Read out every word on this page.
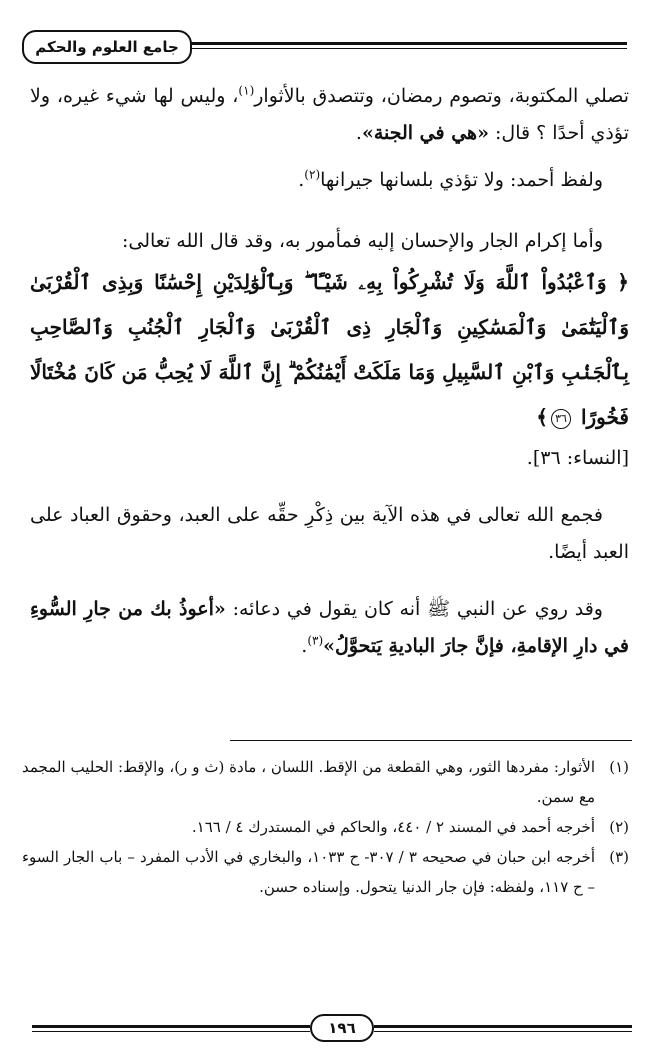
جامع العلوم والحكم

تصلي المكتوبة، وتصوم رمضان، وتتصدق بالأثوار$^{(١)}$، وليس لها شيء غيره، ولا تؤذي أحدًا ؟ قال: «هي في الجنة».

ولفظ أحمد: ولا تؤذي بلسانها جيرانها$^{(٢)}$.

وأما إكرام الجار والإحسان إليه فمأمور به، وقد قال الله تعالى:

﴿ وَٱعْبُدُواْ ٱللَّهَ وَلَا تُشْرِكُواْ بِهِۦ شَيْـًٔا ۖ وَبِٱلْوَٰلِدَيْنِ إِحْسَٰنًا وَبِذِى ٱلْقُرْبَىٰ وَٱلْيَتَٰمَىٰ وَٱلْمَسَٰكِينِ وَٱلْجَارِ ذِى ٱلْقُرْبَىٰ وَٱلْجَارِ ٱلْجُنُبِ وَٱلصَّاحِبِ بِٱلْجَنۢبِ وَٱبْنِ ٱلسَّبِيلِ وَمَا مَلَكَتْ أَيْمَٰنُكُمْ ۗ إِنَّ ٱللَّهَ لَا يُحِبُّ مَن كَانَ مُخْتَالًا فَخُورًا ٣٦﴾

[النساء: ٣٦].

فجمع الله تعالى في هذه الآية بين ذِكْرِ حقِّه على العبد، وحقوق العباد على العبد أيضًا.

وقد روي عن النبي ﷺ أنه كان يقول في دعائه: «أعوذُ بك من جارِ السُّوءِ في دارِ الإقامةِ، فإنَّ جارَ الباديةِ يَتحوَّلُ»$^{(٣)}$.

(١)
الأثوار: مفردها الثور، وهي القطعة من الإقط. اللسان ، مادة (ث و ر)، والإقط: الحليب المجمد مع سمن.
(٢)
أخرجه أحمد في المسند ٢ / ٤٤٠، والحاكم في المستدرك ٤ / ١٦٦.
(٣)
أخرجه ابن حبان في صحيحه ٣ / ٣٠٧- ح ١٠٣٣، والبخاري في الأدب المفرد – باب الجار السوء – ح ١١٧، ولفظه: فإن جار الدنيا يتحول. وإسناده حسن.
١٩٦
